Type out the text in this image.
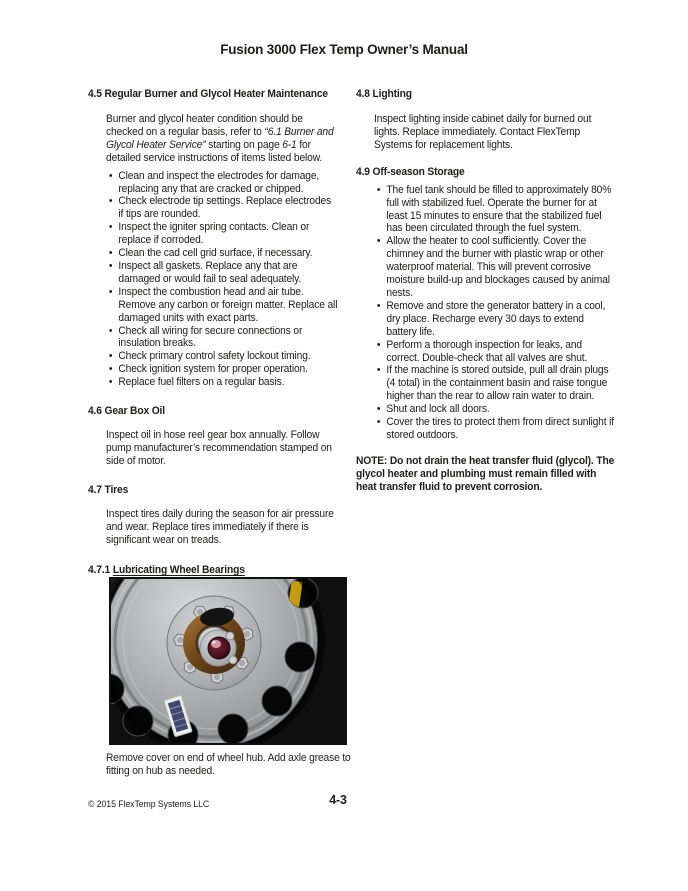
Fusion 3000 Flex Temp Owner’s Manual
4.5 Regular Burner and Glycol Heater Maintenance

Burner and glycol heater condition should be checked on a regular basis, refer to “6.1 Burner and Glycol Heater Service” starting on page 6-1 for detailed service instructions of items listed below.

• Clean and inspect the electrodes for damage, replacing any that are cracked or chipped.
• Check electrode tip settings. Replace electrodes if tips are rounded.
• Inspect the igniter spring contacts. Clean or replace if corroded.
• Clean the cad cell grid surface, if necessary.
• Inspect all gaskets. Replace any that are damaged or would fail to seal adequately.
• Inspect the combustion head and air tube. Remove any carbon or foreign matter. Replace all damaged units with exact parts.
• Check all wiring for secure connections or insulation breaks.
• Check primary control safety lockout timing.
• Check ignition system for proper operation.
• Replace fuel filters on a regular basis.
4.6 Gear Box Oil

Inspect oil in hose reel gear box annually. Follow pump manufacturer’s recommendation stamped on side of motor.

4.7 Tires

Inspect tires daily during the season for air pressure and wear. Replace tires immediately if there is significant wear on treads.

4.7.1 Lubricating Wheel Bearings
Remove cover on end of wheel hub. Add axle grease to fitting on hub as needed.
4.8 Lighting

Inspect lighting inside cabinet daily for burned out lights. Replace immediately. Contact FlexTemp Systems for replacement lights.

4.9 Off-season Storage
• The fuel tank should be filled to approximately 80% full with stabilized fuel. Operate the burner for at least 15 minutes to ensure that the stabilized fuel has been circulated through the fuel system.
• Allow the heater to cool sufficiently. Cover the chimney and the burner with plastic wrap or other waterproof material. This will prevent corrosive moisture build-up and blockages caused by animal nests.
• Remove and store the generator battery in a cool, dry place. Recharge every 30 days to extend battery life.
• Perform a thorough inspection for leaks, and correct. Double-check that all valves are shut.
• If the machine is stored outside, pull all drain plugs (4 total) in the containment basin and raise tongue higher than the rear to allow rain water to drain.
• Shut and lock all doors.
• Cover the tires to protect them from direct sunlight if stored outdoors.

NOTE: Do not drain the heat transfer fluid (glycol). The glycol heater and plumbing must remain filled with heat transfer fluid to prevent corrosion.

© 2015 FlexTemp Systems LLC	4-3
